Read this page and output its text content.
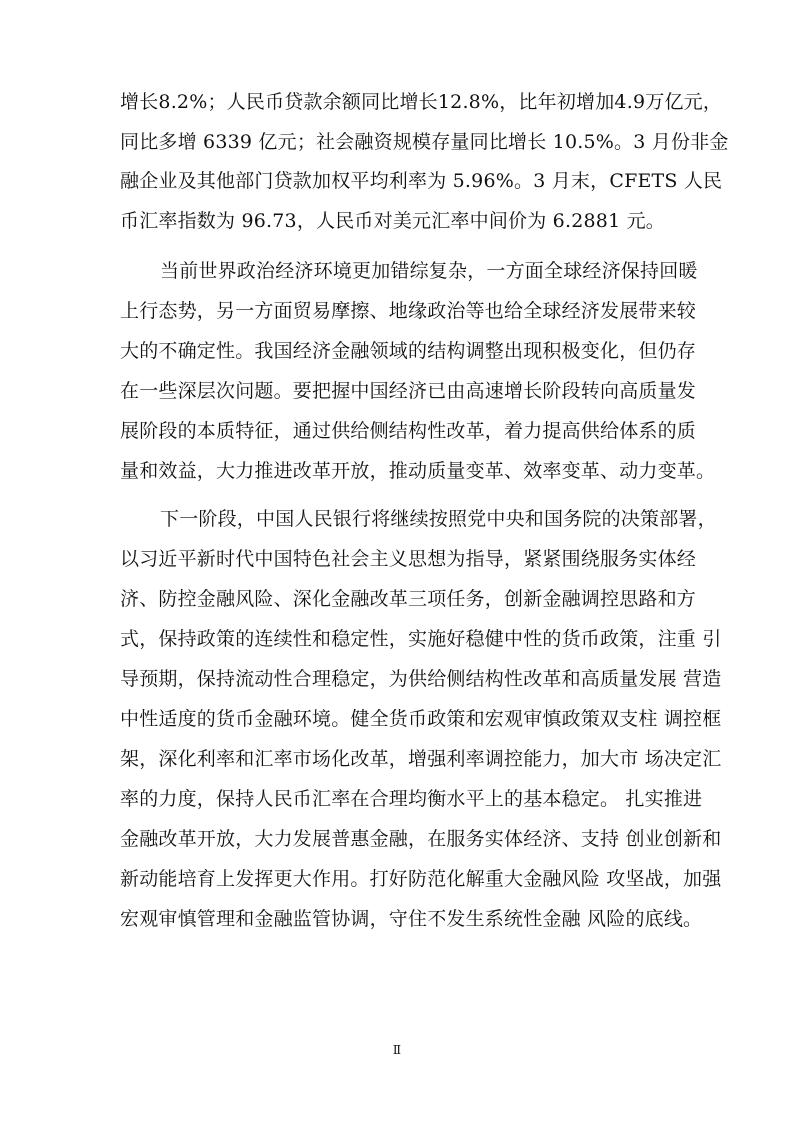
增长8.2%；人民币贷款余额同比增长12.8%，比年初增加4.9万亿元，
同比多增 6339 亿元；社会融资规模存量同比增长 10.5%。3 月份非金
融企业及其他部门贷款加权平均利率为 5.96%。3 月末，CFETS 人民
币汇率指数为 96.73，人民币对美元汇率中间价为 6.2881 元。
当前世界政治经济环境更加错综复杂，一方面全球经济保持回暖
上行态势，另一方面贸易摩擦、地缘政治等也给全球经济发展带来较
大的不确定性。我国经济金融领域的结构调整出现积极变化，但仍存
在一些深层次问题。要把握中国经济已由高速增长阶段转向高质量发
展阶段的本质特征，通过供给侧结构性改革，着力提高供给体系的质
量和效益，大力推进改革开放，推动质量变革、效率变革、动力变革。
下一阶段，中国人民银行将继续按照党中央和国务院的决策部署，
以习近平新时代中国特色社会主义思想为指导，紧紧围绕服务实体经
济、防控金融风险、深化金融改革三项任务，创新金融调控思路和方
式，保持政策的连续性和稳定性，实施好稳健中性的货币政策，注重 引
导预期，保持流动性合理稳定，为供给侧结构性改革和高质量发展 营造
中性适度的货币金融环境。健全货币政策和宏观审慎政策双支柱 调控框
架，深化利率和汇率市场化改革，增强利率调控能力，加大市 场决定汇
率的力度，保持人民币汇率在合理均衡水平上的基本稳定。 扎实推进
金融改革开放，大力发展普惠金融，在服务实体经济、支持 创业创新和
新动能培育上发挥更大作用。打好防范化解重大金融风险 攻坚战，加强
宏观审慎管理和金融监管协调，守住不发生系统性金融 风险的底线。
Ⅱ
